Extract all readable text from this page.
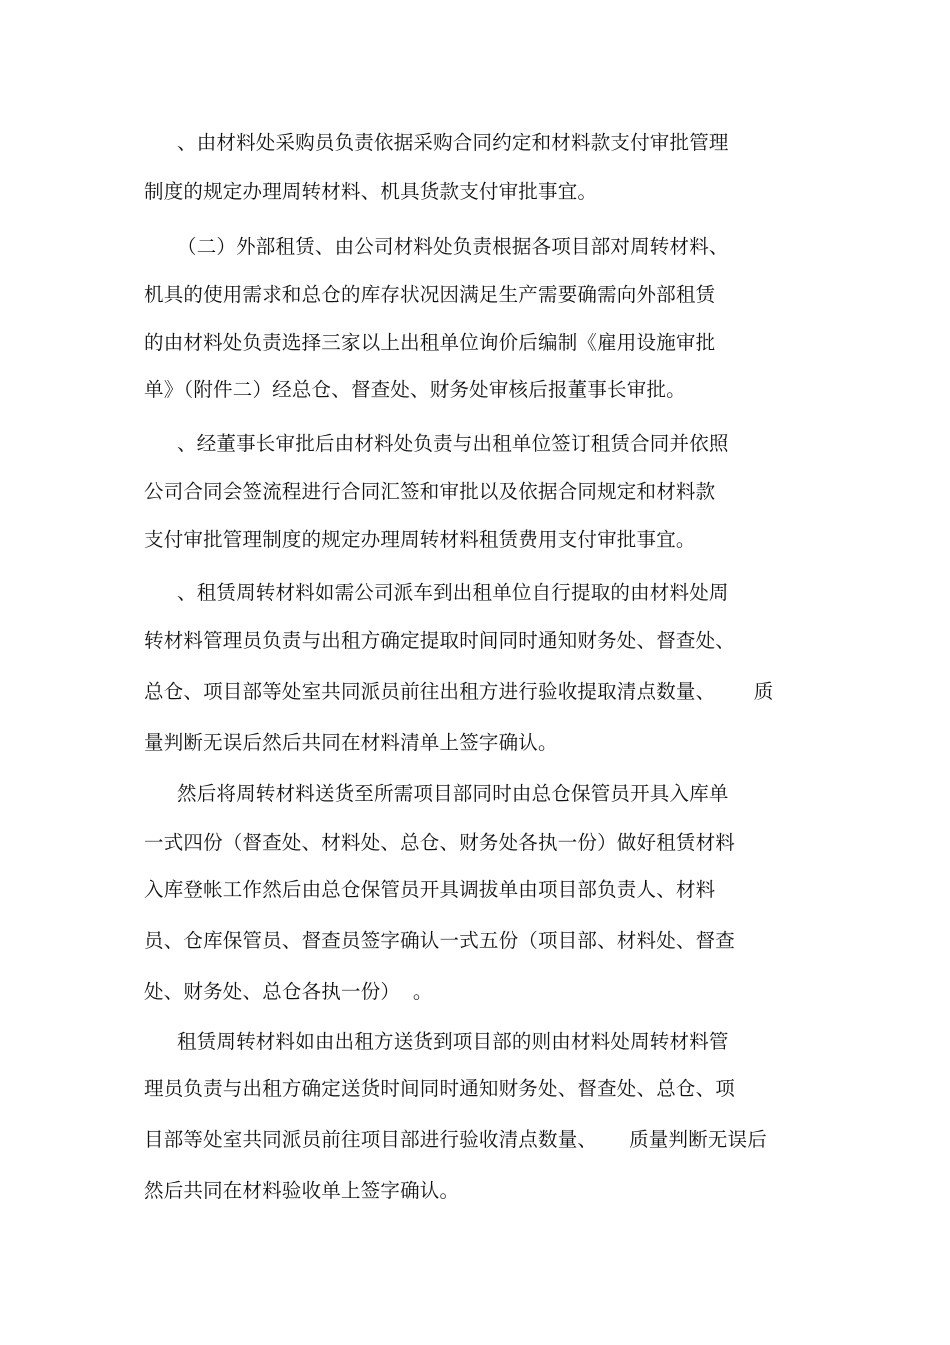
、由材料处采购员负责依据采购合同约定和材料款支付审批管理
制度的规定办理周转材料、机具货款支付审批事宜。
（二）外部租赁、由公司材料处负责根据各项目部对周转材料、
机具的使用需求和总仓的库存状况因满足生产需要确需向外部租赁
的由材料处负责选择三家以上出租单位询价后编制《雇用设施审批
单》（附件二）经总仓、督查处、财务处审核后报董事长审批。
、经董事长审批后由材料处负责与出租单位签订租赁合同并依照
公司合同会签流程进行合同汇签和审批以及依据合同规定和材料款
支付审批管理制度的规定办理周转材料租赁费用支付审批事宜。
、租赁周转材料如需公司派车到出租单位自行提取的由材料处周
转材料管理员负责与出租方确定提取时间同时通知财务处、督查处、
总仓、项目部等处室共同派员前往出租方进行验收提取清点数量、      质
量判断无误后然后共同在材料清单上签字确认。
然后将周转材料送货至所需项目部同时由总仓保管员开具入库单
一式四份（督查处、材料处、总仓、财务处各执一份）做好租赁材料
入库登帐工作然后由总仓保管员开具调拔单由项目部负责人、材料
员、仓库保管员、督查员签字确认一式五份（项目部、材料处、督查
处、财务处、总仓各执一份）  。
租赁周转材料如由出租方送货到项目部的则由材料处周转材料管
理员负责与出租方确定送货时间同时通知财务处、督查处、总仓、项
目部等处室共同派员前往项目部进行验收清点数量、     质量判断无误后
然后共同在材料验收单上签字确认。
